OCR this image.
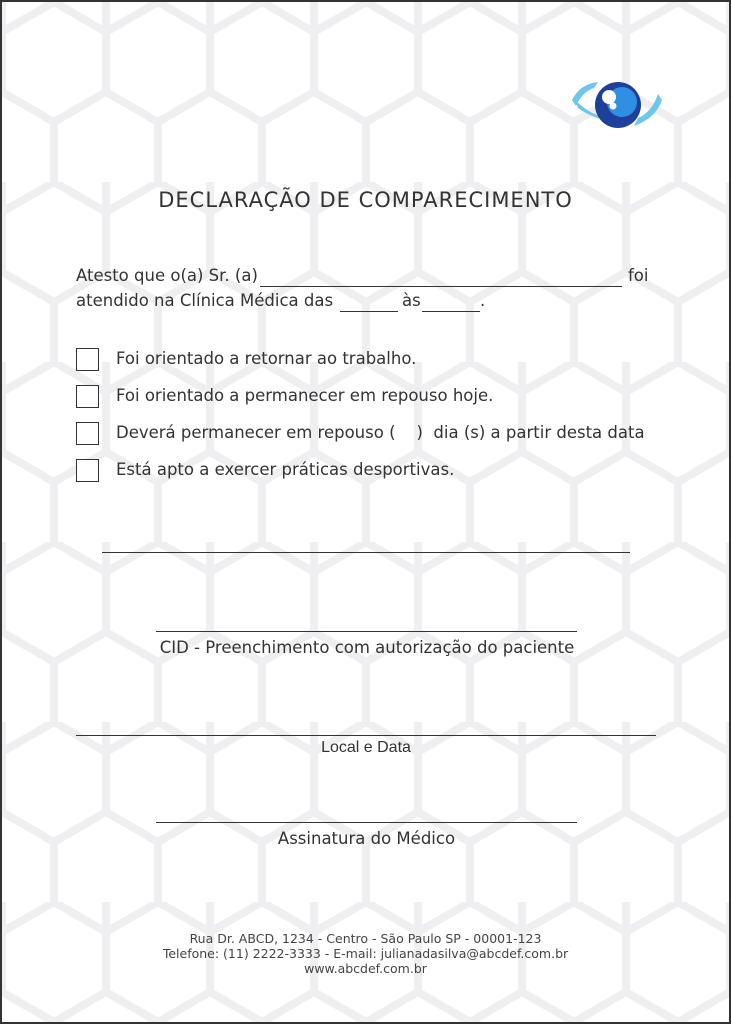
DECLARAÇÃO DE COMPARECIMENTO
Atesto que o(a) Sr. (a)	foi
atendido na Clínica Médica das	às	.
Foi orientado a retornar ao trabalho.
Foi orientado a permanecer em repouso hoje.
Deverá permanecer em repouso (    )  dia (s) a partir desta data
Está apto a exercer práticas desportivas.
CID - Preenchimento com autorização do paciente
Local e Data
Assinatura do Médico
Rua Dr. ABCD, 1234 - Centro - São Paulo SP - 00001-123
Telefone: (11) 2222-3333 - E-mail: julianadasilva@abcdef.com.br
www.abcdef.com.br
